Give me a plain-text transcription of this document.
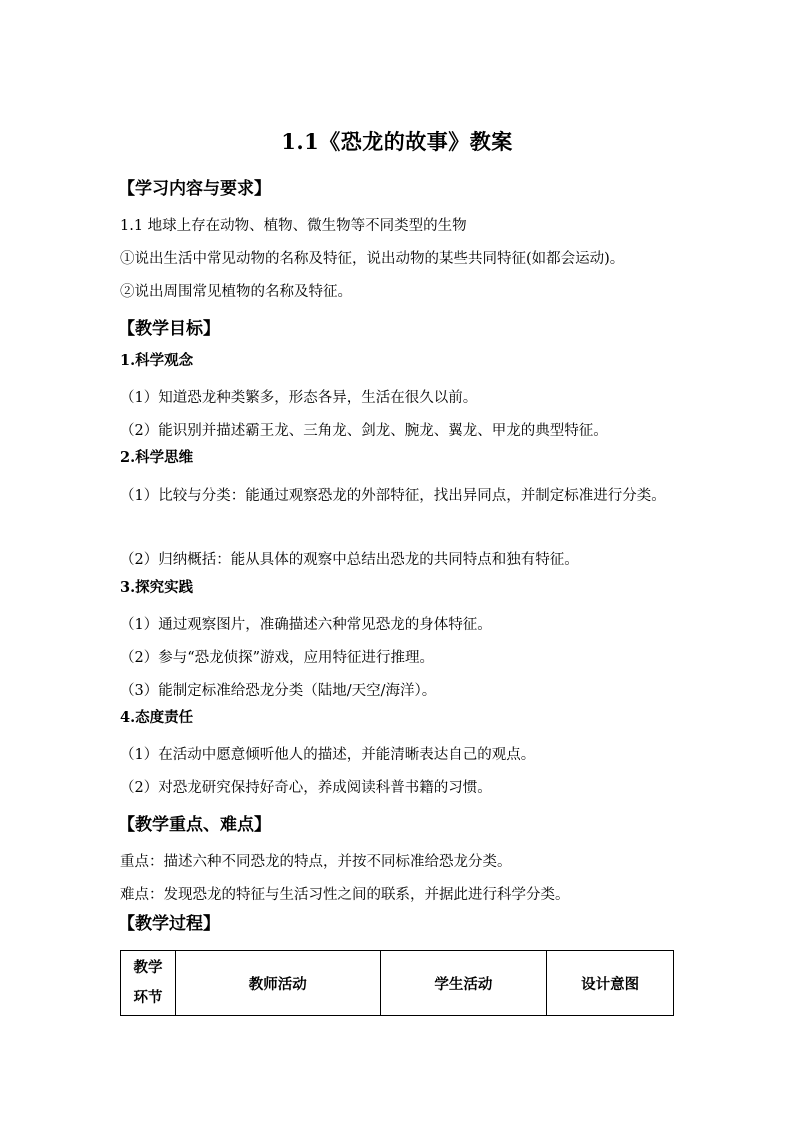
1.1《恐龙的故事》教案
【学习内容与要求】
1.1 地球上存在动物、植物、微生物等不同类型的生物
①说出生活中常见动物的名称及特征，说出动物的某些共同特征(如都会运动)。
②说出周围常见植物的名称及特征。
【教学目标】
1.科学观念
（1）知道恐龙种类繁多，形态各异，生活在很久以前。
（2）能识别并描述霸王龙、三角龙、剑龙、腕龙、翼龙、甲龙的典型特征。
2.科学思维
（1）比较与分类：能通过观察恐龙的外部特征，找出异同点，并制定标准进行分类。
（2）归纳概括：能从具体的观察中总结出恐龙的共同特点和独有特征。
3.探究实践
（1）通过观察图片，准确描述六种常见恐龙的身体特征。
（2）参与“恐龙侦探”游戏，应用特征进行推理。
（3）能制定标准给恐龙分类（陆地/天空/海洋）。
4.态度责任
（1）在活动中愿意倾听他人的描述，并能清晰表达自己的观点。
（2）对恐龙研究保持好奇心，养成阅读科普书籍的习惯。
【教学重点、难点】
重点：描述六种不同恐龙的特点，并按不同标准给恐龙分类。
难点：发现恐龙的特征与生活习性之间的联系，并据此进行科学分类。
【教学过程】
教学
环节
	教师活动	学生活动	设计意图
